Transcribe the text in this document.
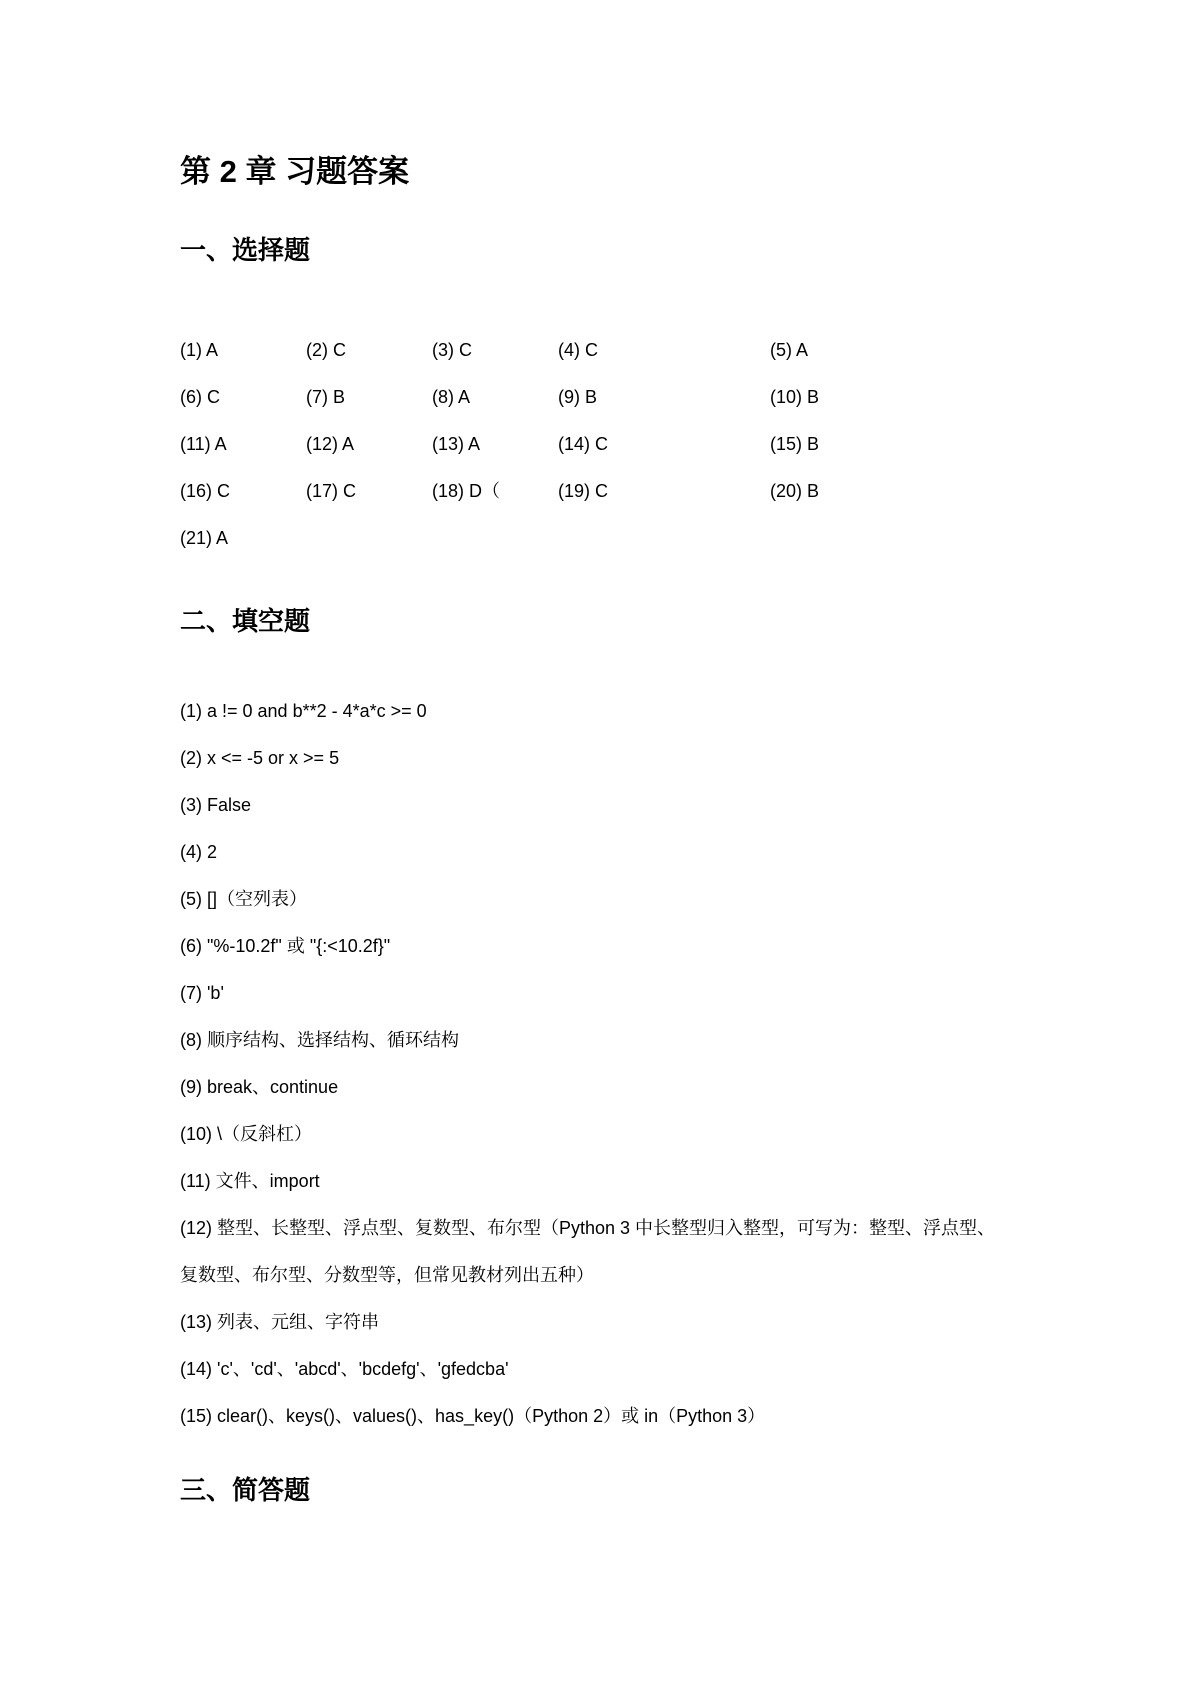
第 2 章 习题答案
一、选择题
(1) A	(2) C	(3) C	(4) C	(5) A
(6) C	(7) B	(8) A	(9) B	(10) B
(11) A	(12) A	(13) A	(14) C	(15) B
(16) C	(17) C	(18) D（	(19) C	(20) B
(21) A
二、填空题
(1) a != 0 and b**2 - 4*a*c >= 0
(2) x <= -5 or x >= 5
(3) False
(4) 2
(5) []（空列表）
(6) "%-10.2f" 或 "{:<10.2f}"
(7) 'b'
(8) 顺序结构、选择结构、循环结构
(9) break、continue
(10) \（反斜杠）
(11) 文件、import
(12) 整型、长整型、浮点型、复数型、布尔型（Python 3 中长整型归入整型，可写为：整型、浮点型、复数型、布尔型、分数型等，但常见教材列出五种）
(13) 列表、元组、字符串
(14) 'c'、'cd'、'abcd'、'bcdefg'、'gfedcba'
(15) clear()、keys()、values()、has_key()（Python 2）或 in（Python 3）
三、简答题
